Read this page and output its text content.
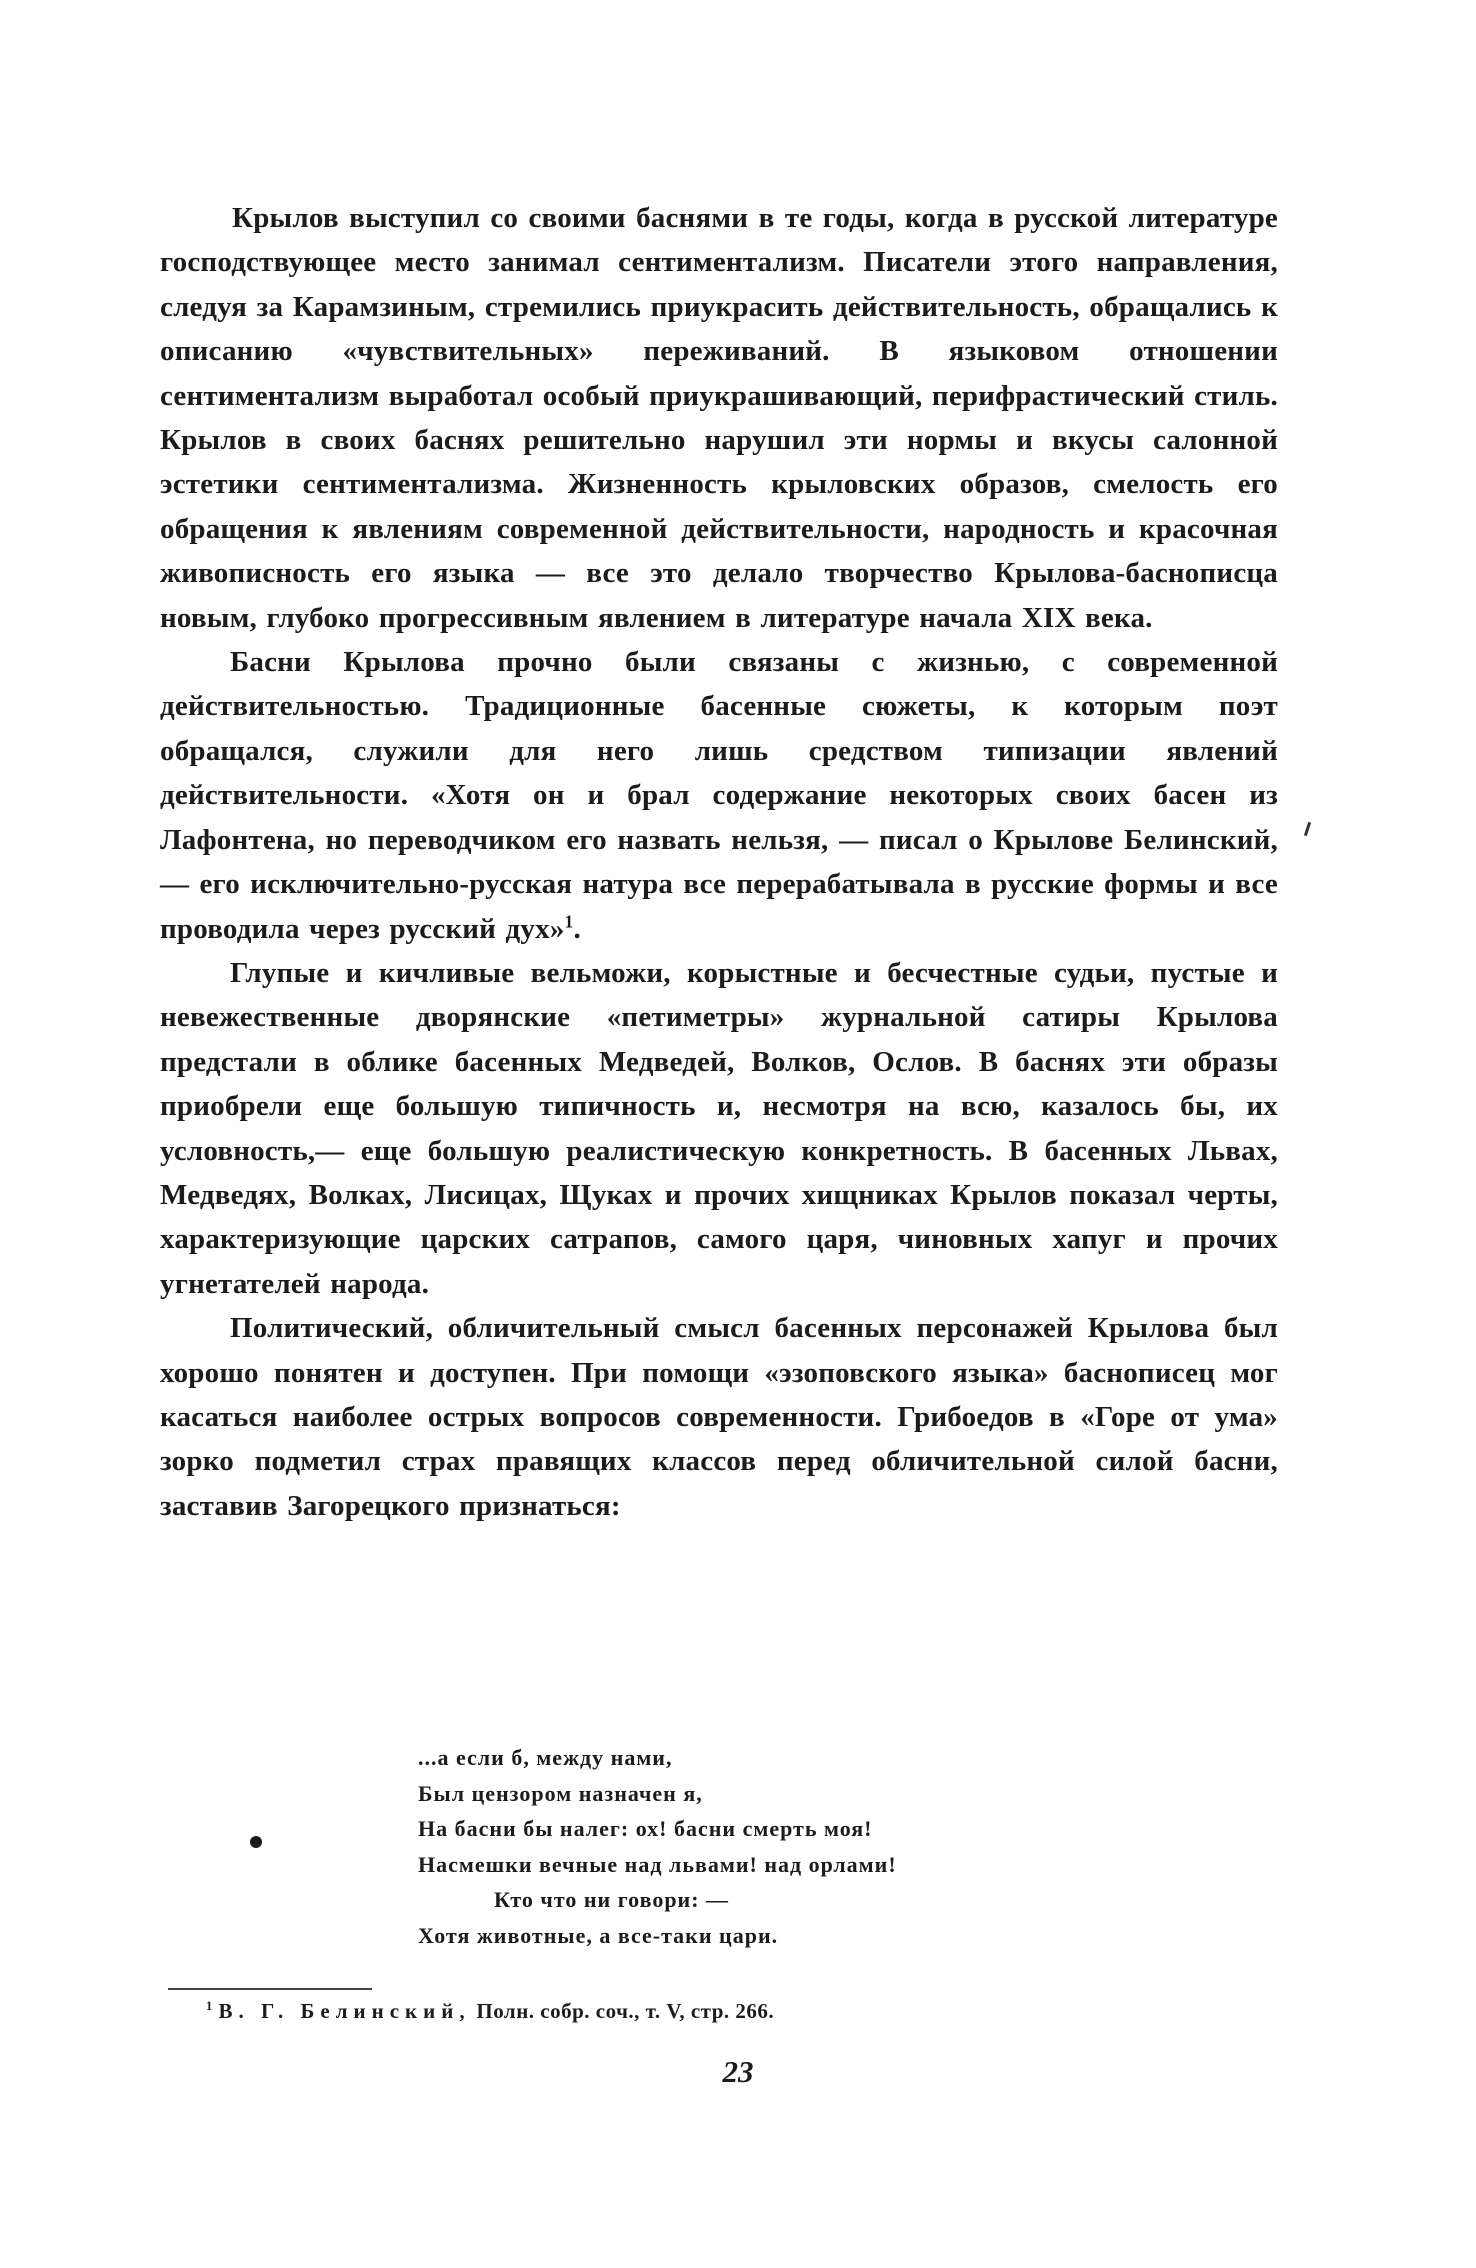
Крылов выступил со своими баснями в те годы, когда в русской литературе господствующее место занимал сентиментализм. Писатели этого направления, следуя за Карамзиным, стремились приукрасить действительность, обращались к описанию «чувствительных» переживаний. В языковом отношении сентиментализм выработал особый приукрашивающий, перифрастический стиль. Крылов в своих баснях решительно нарушил эти нормы и вкусы салонной эстетики сентиментализма. Жизненность крыловских образов, смелость его обращения к явлениям современной действительности, народность и красочная живописность его языка — все это делало творчество Крылова-баснописца новым, глубоко прогрессивным явлением в литературе начала XIX века.

Басни Крылова прочно были связаны с жизнью, с современной действительностью. Традиционные басенные сюжеты, к которым поэт обращался, служили для него лишь средством типизации явлений действительности. «Хотя он и брал содержание некоторых своих басен из Лафонтена, но переводчиком его назвать нельзя, — писал о Крылове Белинский, — его исключительно-русская натура все перерабатывала в русские формы и все проводила через русский дух»$^1$.

Глупые и кичливые вельможи, корыстные и бесчестные судьи, пустые и невежественные дворянские «петиметры» журнальной сатиры Крылова предстали в облике басенных Медведей, Волков, Ослов. В баснях эти образы приобрели еще большую типичность и, несмотря на всю, казалось бы, их условность,— еще большую реалистическую конкретность. В басенных Львах, Медведях, Волках, Лисицах, Щуках и прочих хищниках Крылов показал черты, характеризующие царских сатрапов, самого царя, чиновных хапуг и прочих угнетателей народа.

Политический, обличительный смысл басенных персонажей Крылова был хорошо понятен и доступен. При помощи «эзоповского языка» баснописец мог касаться наиболее острых вопросов современности. Грибоедов в «Горе от ума» зорко подметил страх правящих классов перед обличительной силой басни, заставив Загорецкого признаться:

...а если б, между нами,
Был цензором назначен я,
На басни бы налег: ох! басни смерть моя!
Насмешки вечные над львами! над орлами!
Кто что ни говори: —
Хотя животные, а все-таки цари.
$^1$ В. Г. Белинский, Полн. собр. соч., т. V, стр. 266.
23
